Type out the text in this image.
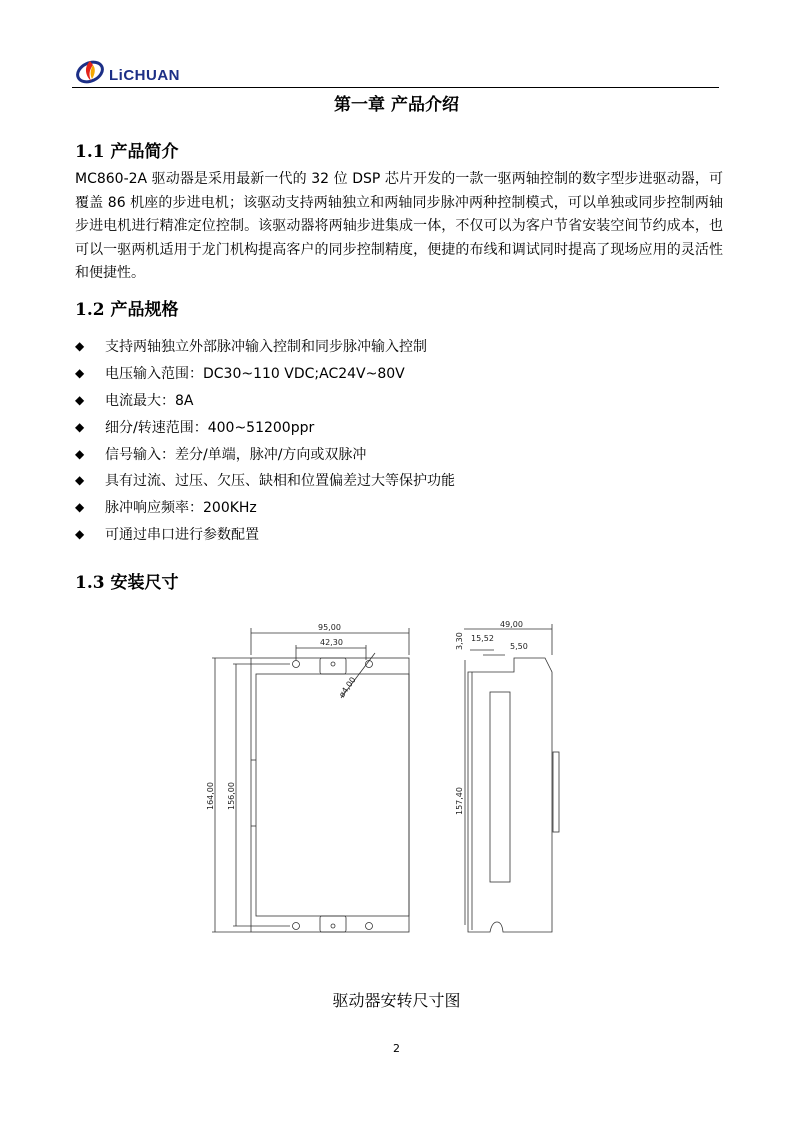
LiCHUAN
第一章 产品介绍
1.1 产品简介
MC860-2A 驱动器是采用最新一代的 32 位 DSP 芯片开发的一款一驱两轴控制的数字型步进驱动器，可覆盖 86 机座的步进电机；该驱动支持两轴独立和两轴同步脉冲两种控制模式，可以单独或同步控制两轴步进电机进行精准定位控制。该驱动器将两轴步进集成一体，不仅可以为客户节省安装空间节约成本，也可以一驱两机适用于龙门机构提高客户的同步控制精度，便捷的布线和调试同时提高了现场应用的灵活性和便捷性。
1.2 产品规格
◆	支持两轴独立外部脉冲输入控制和同步脉冲输入控制
◆	电压输入范围：DC30~110 VDC;AC24V~80V
◆	电流最大：8A
◆	细分/转速范围：400~51200ppr
◆	信号输入：差分/单端，脉冲/方向或双脉冲
◆	具有过流、过压、欠压、缺相和位置偏差过大等保护功能
◆	脉冲响应频率：200KHz
◆	可通过串口进行参数配置
1.3 安装尺寸
95,00
42,30
ø4,00
164,00 156,00
49,00
3,30 15,52
5,50
157,40
驱动器安转尺寸图
2
